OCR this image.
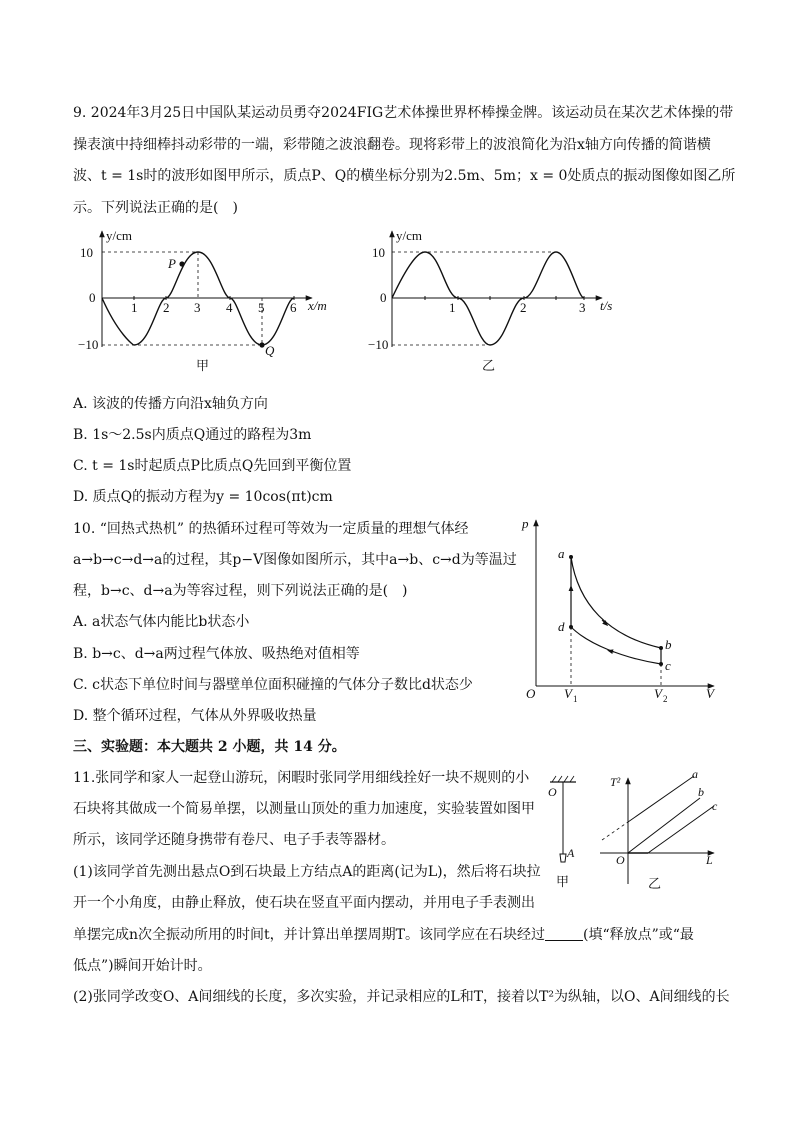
9. 2024年3月25日中国队某运动员勇夺2024FIG艺术体操世界杯棒操金牌。该运动员在某次艺术体操的带
操表演中持细棒抖动彩带的一端，彩带随之波浪翻卷。现将彩带上的波浪简化为沿x轴方向传播的简谐横
波、t = 1s时的波形如图甲所示，质点P、Q的横坐标分别为2.5m、5m；x = 0处质点的振动图像如图乙所
示。下列说法正确的是(　)
y/cm
x/m
10
0
−10
1 2 3 4 5 6
P
Q
甲
y/cm
t/s
10
0
−10
1	2	3
乙
A. 该波的传播方向沿x轴负方向
B. 1s～2.5s内质点Q通过的路程为3m
C. t = 1s时起质点P比质点Q先回到平衡位置
D. 质点Q的振动方程为y = 10cos(πt)cm
10. “回热式热机” 的热循环过程可等效为一定质量的理想气体经
a→b→c→d→a的过程，其p−V图像如图所示，其中a→b、c→d为等温过
程，b→c、d→a为等容过程，则下列说法正确的是(　)
A. a状态气体内能比b状态小
B. b→c、d→a两过程气体放、吸热绝对值相等
C. c状态下单位时间与器壁单位面积碰撞的气体分子数比d状态少
D. 整个循环过程，气体从外界吸收热量
p
V
O
a
b
c
d
V 1	V 2
三、实验题：本大题共 2 小题，共 14 分。
11.张同学和家人一起登山游玩，闲暇时张同学用细线拴好一块不规则的小
石块将其做成一个简易单摆，以测量山顶处的重力加速度，实验装置如图甲
所示，该同学还随身携带有卷尺、电子手表等器材。
(1)该同学首先测出悬点O到石块最上方结点A的距离(记为L)，然后将石块拉
开一个小角度，由静止释放，使石块在竖直平面内摆动，并用电子手表测出
单摆完成n次全振动所用的时间t，并计算出单摆周期T。该同学应在石块经过	(填“释放点”或“最
低点”)瞬间开始计时。
(2)张同学改变O、A间细线的长度，多次实验，并记录相应的L和T，接着以T²为纵轴，以O、A间细线的长
O
A
甲
T²
L
O
a
b
c
乙
